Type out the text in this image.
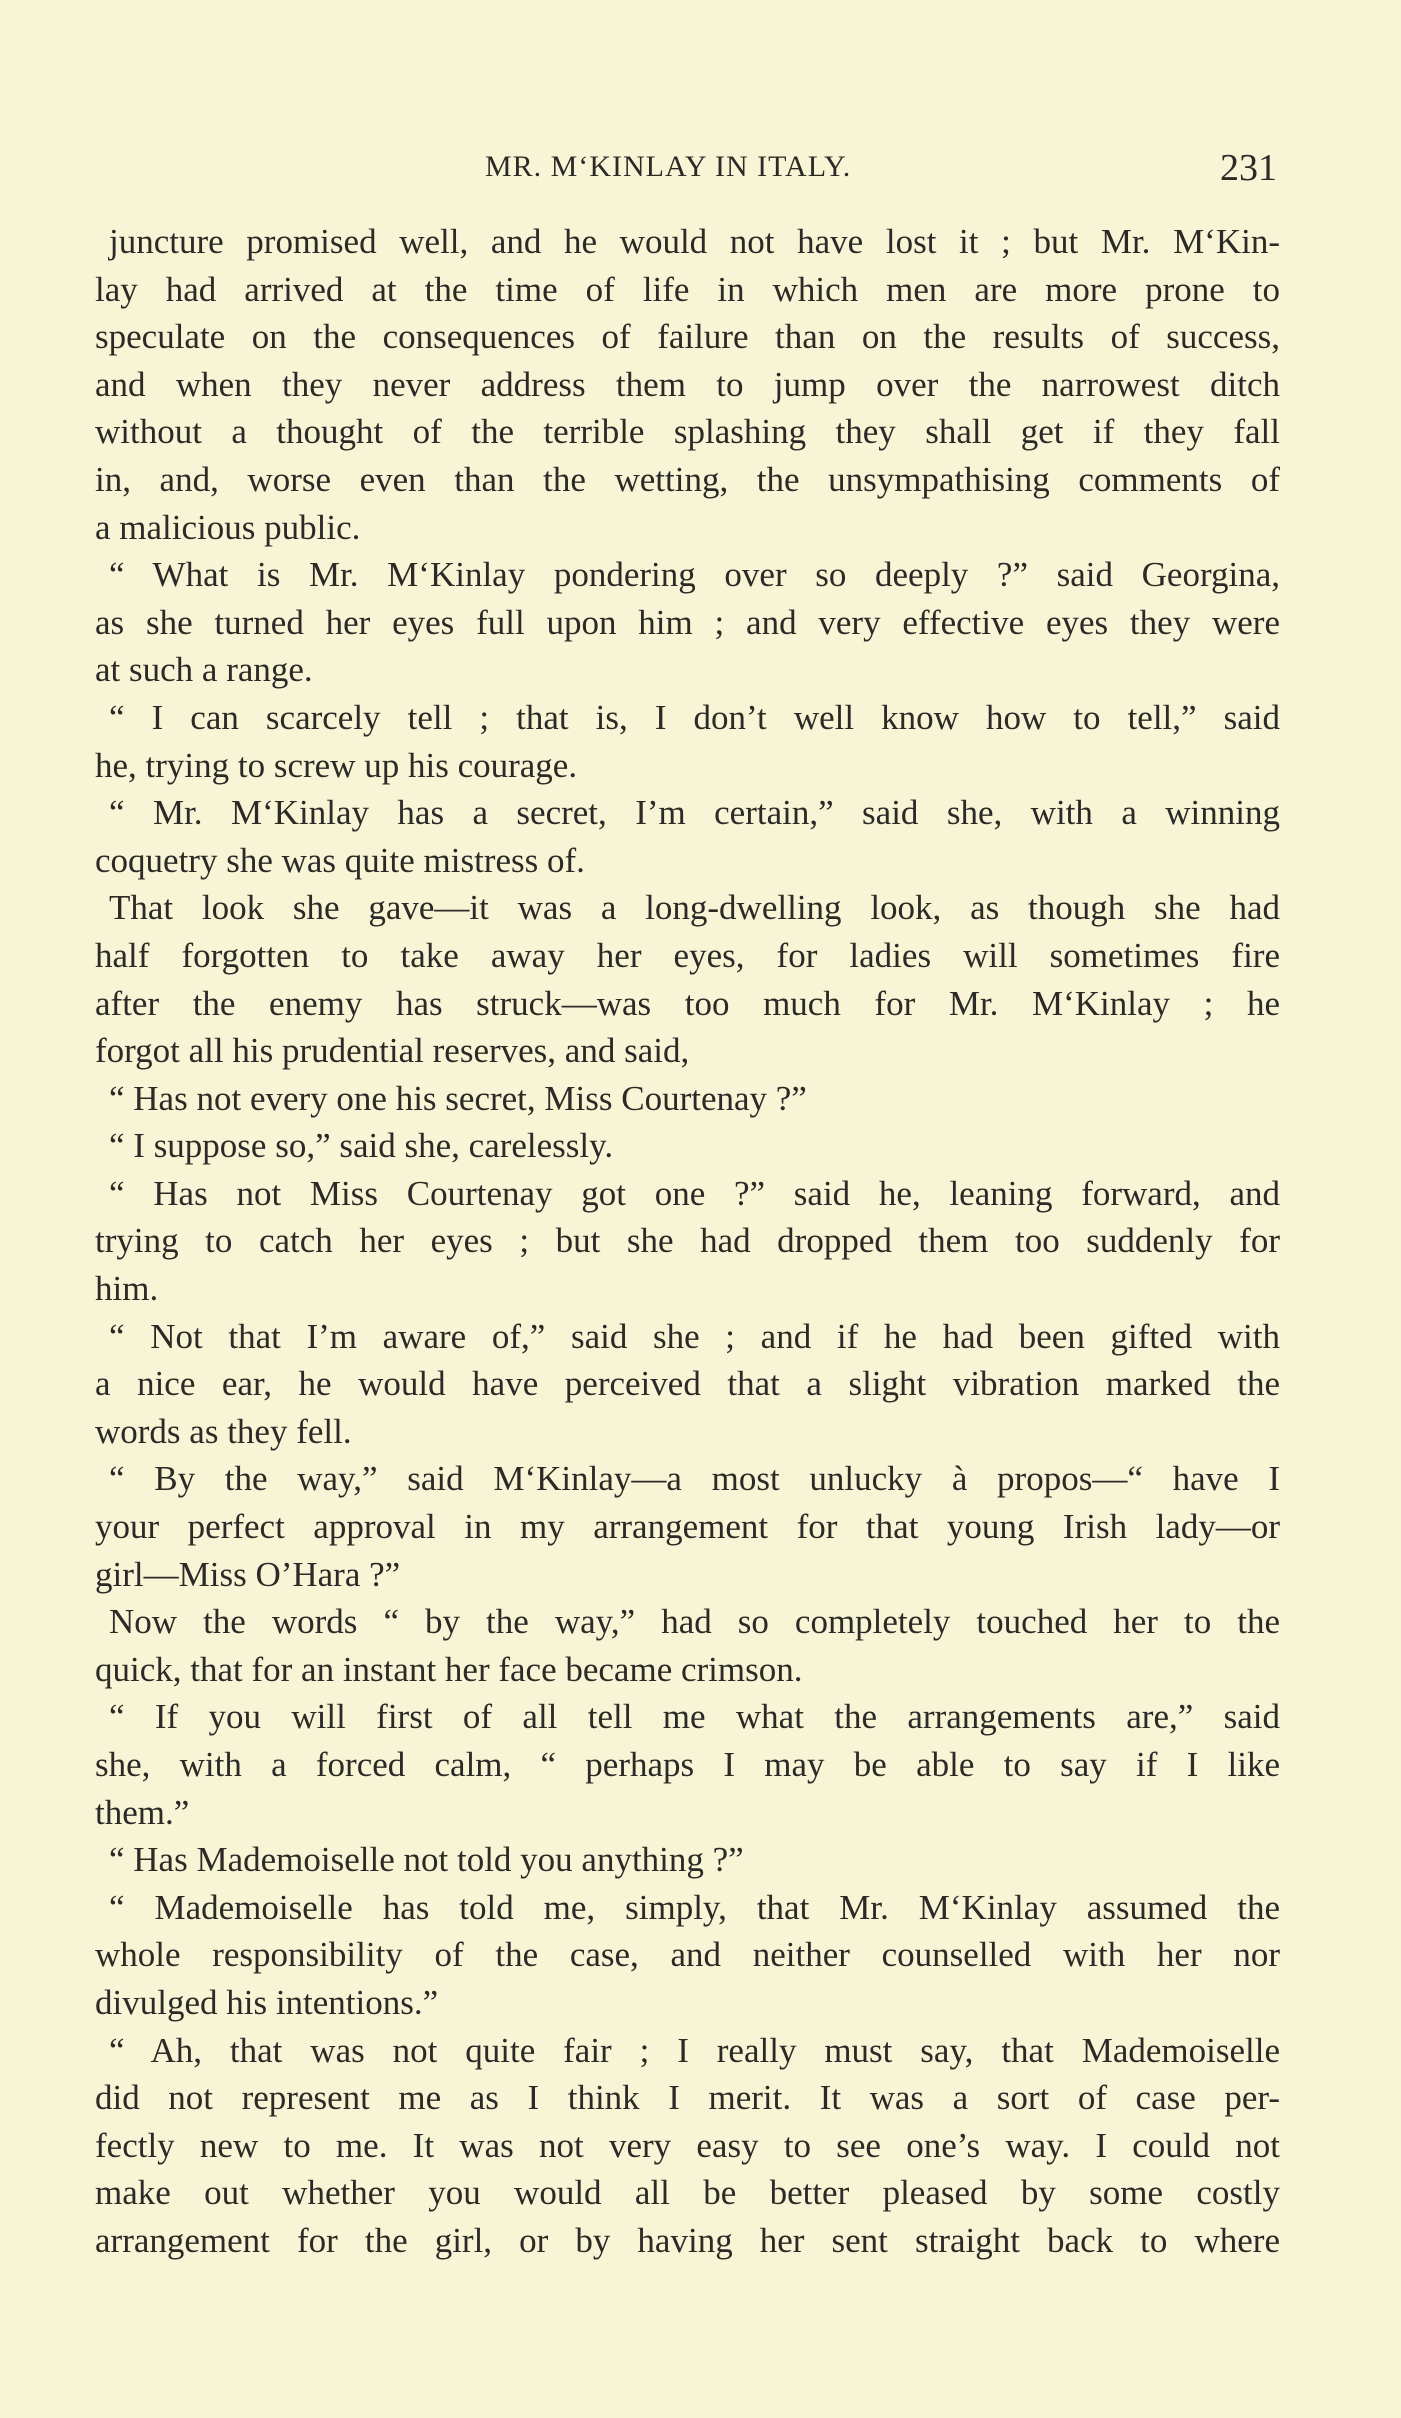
MR. M‘KINLAY IN ITALY.	231
juncture promised well, and he would not have lost it ; but Mr. M‘Kin-
lay had arrived at the time of life in which men are more prone to
speculate on the consequences of failure than on the results of success,
and when they never address them to jump over the narrowest ditch
without a thought of the terrible splashing they shall get if they fall
in, and, worse even than the wetting, the unsympathising comments of
a malicious public.
“ What is Mr. M‘Kinlay pondering over so deeply ?” said Georgina,
as she turned her eyes full upon him ; and very effective eyes they were
at such a range.
“ I can scarcely tell ; that is, I don’t well know how to tell,” said
he, trying to screw up his courage.
“ Mr. M‘Kinlay has a secret, I’m certain,” said she, with a winning
coquetry she was quite mistress of.
That look she gave—it was a long-dwelling look, as though she had
half forgotten to take away her eyes, for ladies will sometimes fire
after the enemy has struck—was too much for Mr. M‘Kinlay ; he
forgot all his prudential reserves, and said,
“ Has not every one his secret, Miss Courtenay ?”
“ I suppose so,” said she, carelessly.
“ Has not Miss Courtenay got one ?” said he, leaning forward, and
trying to catch her eyes ; but she had dropped them too suddenly for
him.
“ Not that I’m aware of,” said she ; and if he had been gifted with
a nice ear, he would have perceived that a slight vibration marked the
words as they fell.
“ By the way,” said M‘Kinlay—a most unlucky à propos—“ have I
your perfect approval in my arrangement for that young Irish lady—or
girl—Miss O’Hara ?”
Now the words “ by the way,” had so completely touched her to the
quick, that for an instant her face became crimson.
“ If you will first of all tell me what the arrangements are,” said
she, with a forced calm, “ perhaps I may be able to say if I like
them.”
“ Has Mademoiselle not told you anything ?”
“ Mademoiselle has told me, simply, that Mr. M‘Kinlay assumed the
whole responsibility of the case, and neither counselled with her nor
divulged his intentions.”
“ Ah, that was not quite fair ; I really must say, that Mademoiselle
did not represent me as I think I merit. It was a sort of case per-
fectly new to me. It was not very easy to see one’s way. I could not
make out whether you would all be better pleased by some costly
arrangement for the girl, or by having her sent straight back to where
